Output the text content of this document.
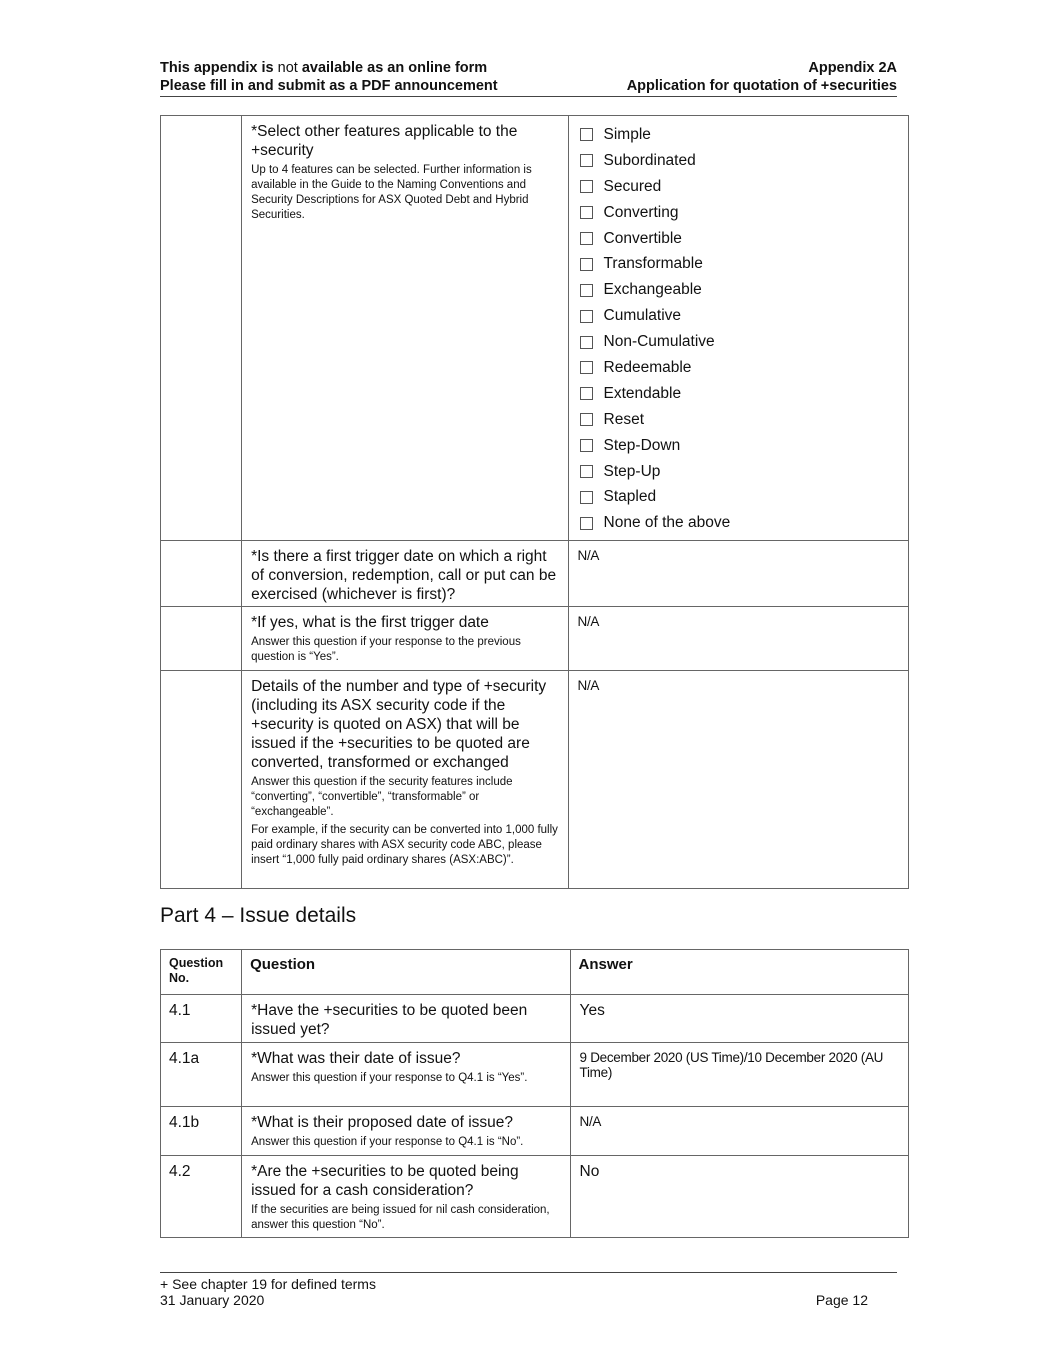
This appendix is not available as an online form	Appendix 2A
Please fill in and submit as a PDF announcement	Application for quotation of +securities

*Select other features applicable to the +security
Up to 4 features can be selected. Further information is available in the Guide to the Naming Conventions and Security Descriptions for ASX Quoted Debt and Hybrid Securities.

Simple
Subordinated
Secured
Converting
Convertible
Transformable
Exchangeable
Cumulative
Non-Cumulative
Redeemable
Extendable
Reset
Step-Down
Step-Up
Stapled
None of the above

	*Is there a first trigger date on which a right of conversion, redemption, call or put can be exercised (whichever is first)?	N/A

	*If yes, what is the first trigger date
Answer this question if your response to the previous question is “Yes”.	N/A

	Details of the number and type of +security (including its ASX security code if the +security is quoted on ASX) that will be issued if the +securities to be quoted are converted, transformed or exchanged
Answer this question if the security features include “converting”, “convertible”, “transformable” or “exchangeable”.
For example, if the security can be converted into 1,000 fully paid ordinary shares with ASX security code ABC, please insert “1,000 fully paid ordinary shares (ASX:ABC)”.	N/A
Part 4 – Issue details
Question No.	Question	Answer
4.1	*Have the +securities to be quoted been issued yet?	Yes

4.1a	*What was their date of issue?
Answer this question if your response to Q4.1 is “Yes”.	9 December 2020 (US Time)/10 December 2020 (AU Time)

4.1b	*What is their proposed date of issue?
Answer this question if your response to Q4.1 is “No”.	N/A

4.2	*Are the +securities to be quoted being issued for a cash consideration?
If the securities are being issued for nil cash consideration, answer this question “No”.	No
+ See chapter 19 for defined terms
31 January 2020	Page 12
